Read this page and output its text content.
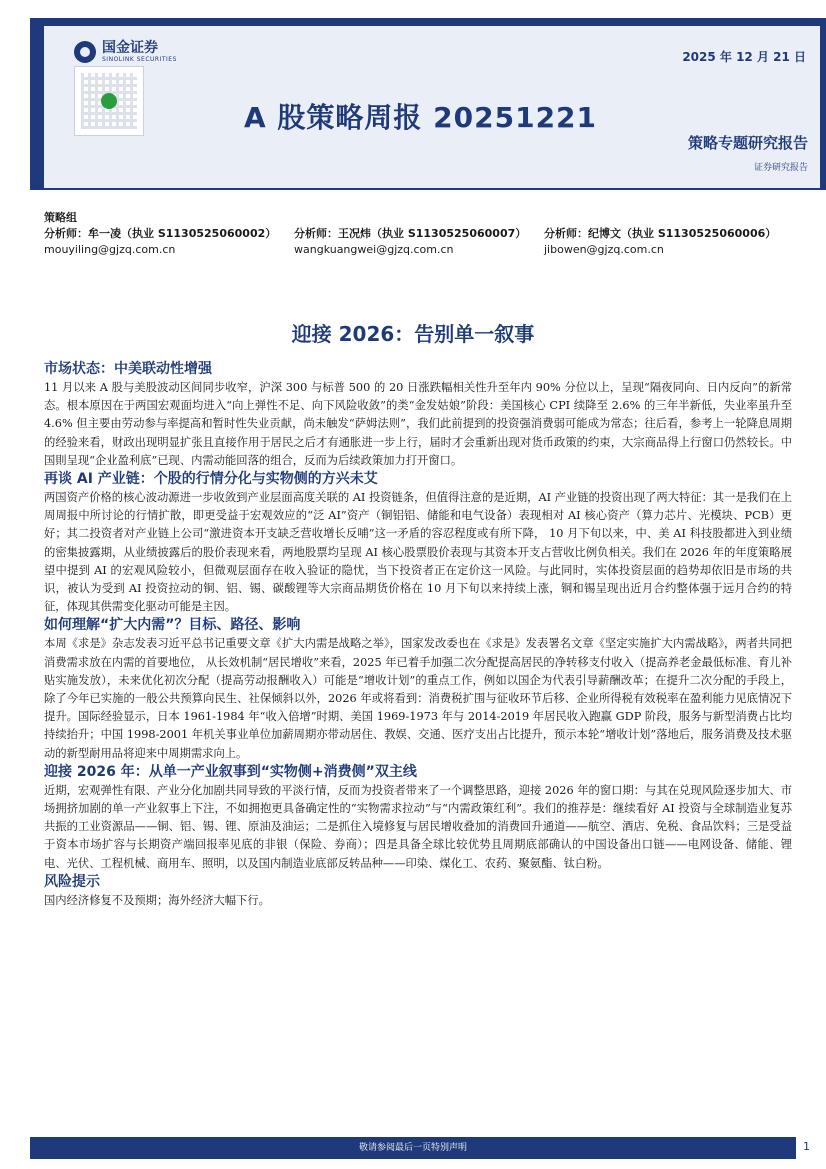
国金证券
SINOLINK SECURITIES	2025 年 12 月 21 日
A 股策略周报 20251221
策略专题研究报告
证券研究报告
策略组
分析师：牟一凌（执业 S1130525060002）	分析师：王况炜（执业 S1130525060007）	分析师：纪博文（执业 S1130525060006）
mouyiling@gjzq.com.cn	wangkuangwei@gjzq.com.cn	jibowen@gjzq.com.cn
迎接 2026：告别单一叙事
市场状态：中美联动性增强

11 月以来 A 股与美股波动区间同步收窄，沪深 300 与标普 500 的 20 日涨跌幅相关性升至年内 90% 分位以上，呈现“隔夜同向、日内反向”的新常态。根本原因在于两国宏观面均进入“向上弹性不足、向下风险收敛”的类“金发姑娘”阶段：美国核心 CPI 续降至 2.6% 的三年半新低，失业率虽升至 4.6% 但主要由劳动参与率提高和暂时性失业贡献，尚未触发“萨姆法则”，我们此前提到的投资强消费弱可能成为常态；往后看，参考上一轮降息周期的经验来看，财政出现明显扩张且直接作用于居民之后才有通胀进一步上行，届时才会重新出现对货币政策的约束，大宗商品得上行窗口仍然较长。中国則呈现“企业盈利底”已现、内需动能回落的组合，反而为后续政策加力打开窗口。

再谈 AI 产业链：个股的行情分化与实物侧的方兴未艾

两国资产价格的核心波动源进一步收敛到产业层面高度关联的 AI 投资链条，但值得注意的是近期，AI 产业链的投资出现了两大特征：其一是我们在上周周报中所讨论的行情扩散，即更受益于宏观效应的“泛 AI”资产（铜铝铝、储能和电气设备）表现相对 AI 核心资产（算力芯片、光模块、PCB）更好；其二投资者对产业链上公司“激进资本开支缺乏营收增长反哺”这一矛盾的容忍程度或有所下降， 10 月下旬以来，中、美 AI 科技股都进入到业绩的密集披露期，从业绩披露后的股价表现来看，两地股票均呈现 AI 核心股票股价表现与其资本开支占营收比例负相关。我们在 2026 年的年度策略展望中提到 AI 的宏观风险较小，但微观层面存在收入验证的隐忧，当下投资者正在定价这一风险。与此同时，实体投资层面的趋势却依旧是市场的共识，被认为受到 AI 投资拉动的铜、铝、锡、碳酸锂等大宗商品期货价格在 10 月下旬以来持续上涨，铜和锡呈现出近月合约整体强于远月合约的特征，体现其供需变化驱动可能是主因。

如何理解“扩大内需”？目标、路径、影响

本周《求是》杂志发表习近平总书记重要文章《扩大内需是战略之举》，国家发改委也在《求是》发表署名文章《坚定实施扩大内需战略》，两者共同把消费需求放在内需的首要地位， 从长效机制“居民增收”来看，2025 年已着手加强二次分配提高居民的净转移支付收入（提高养老金最低标准、育儿补贴实施发放），未来优化初次分配（提高劳动报酬收入）可能是“增收计划”的重点工作，例如以国企为代表引导薪酬改革；在提升二次分配的手段上，除了今年已实施的一般公共预算向民生、社保倾斜以外，2026 年或将看到：消费税扩围与征收环节后移、企业所得税有效税率在盈利能力见底情况下提升。国际经验显示，日本 1961-1984 年“收入倍增”时期、美国 1969-1973 年与 2014-2019 年居民收入跑赢 GDP 阶段，服务与新型消费占比均持续抬升；中国 1998-2001 年机关事业单位加薪周期亦带动居住、教娱、交通、医疗支出占比提升，预示本轮“增收计划”落地后，服务消费及技术驱动的新型耐用品将迎来中周期需求向上。

迎接 2026 年：从单一产业叙事到“实物侧+消费侧”双主线

近期，宏观弹性有限、产业分化加剧共同导致的平淡行情，反而为投资者带来了一个调整思路，迎接 2026 年的窗口期：与其在兑现风险逐步加大、市场拥挤加剧的单一产业叙事上下注，不如拥抱更具备确定性的“实物需求拉动”与“内需政策红利”。我们的推荐是：继续看好 AI 投资与全球制造业复苏共振的工业资源品——铜、铝、锡、锂、原油及油运；二是抓住入境修复与居民增收叠加的消费回升通道——航空、酒店、免税、食品饮料；三是受益于资本市场扩容与长期资产端回报率见底的非银（保险、券商）；四是具备全球比较优势且周期底部确认的中国设备出口链——电网设备、储能、锂电、光伏、工程机械、商用车、照明，以及国内制造业底部反转品种——印染、煤化工、农药、聚氨酯、钛白粉。

风险提示

国内经济修复不及预期；海外经济大幅下行。

敬请参阅最后一页特别声明	1
